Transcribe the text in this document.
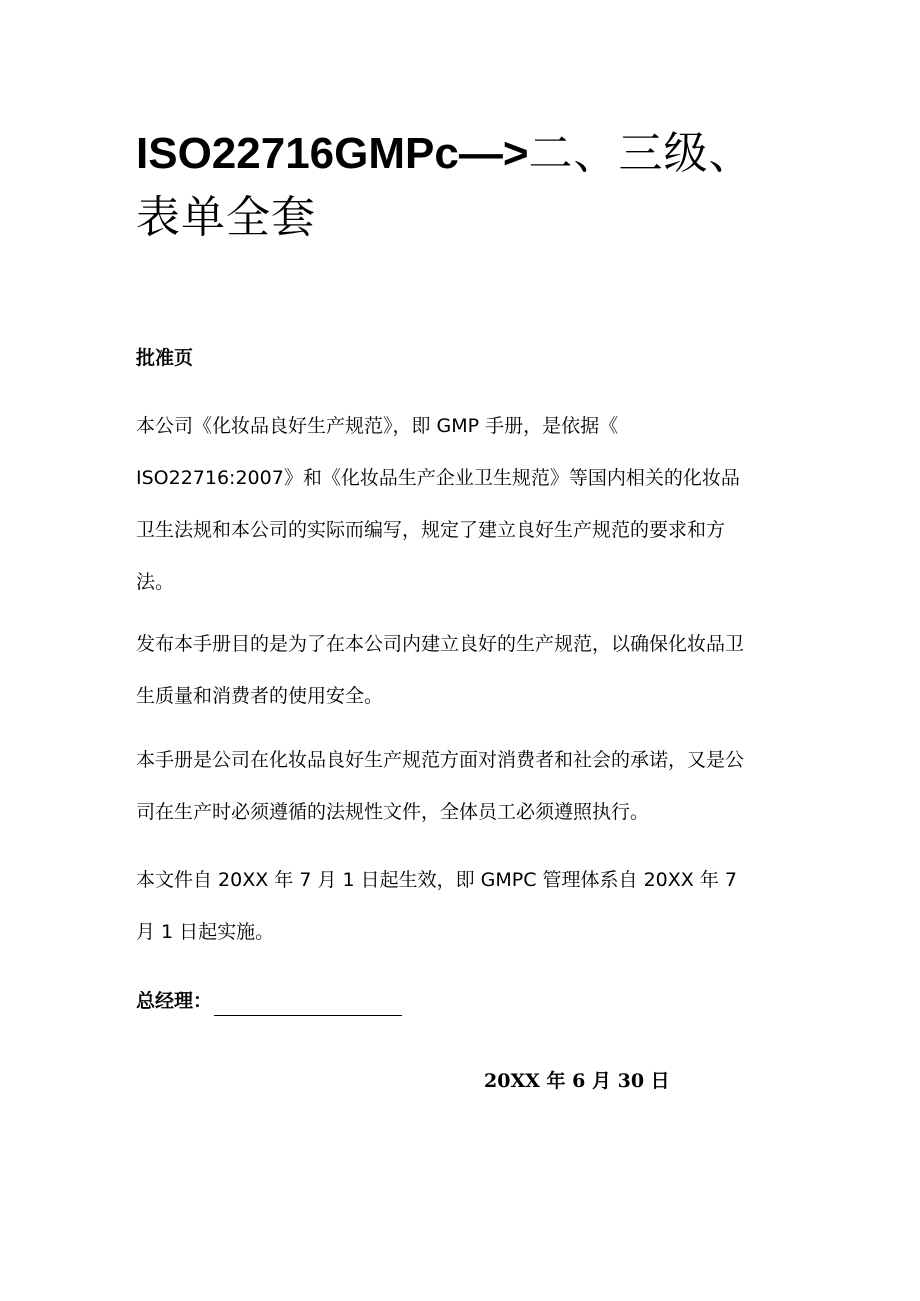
ISO22716GMPc—>二、三级、
表单全套
批准页

本公司《化妆品良好生产规范》，即 GMP 手册，是依据《
ISO22716:2007》和《化妆品生产企业卫生规范》等国内相关的化妆品
卫生法规和本公司的实际而编写，规定了建立良好生产规范的要求和方
法。

发布本手册目的是为了在本公司内建立良好的生产规范，以确保化妆品卫
生质量和消费者的使用安全。

本手册是公司在化妆品良好生产规范方面对消费者和社会的承诺，又是公
司在生产时必须遵循的法规性文件，全体员工必须遵照执行。

本文件自 20XX 年 7 月 1 日起生效，即 GMPC 管理体系自 20XX 年 7
月 1 日起实施。

总经理：
20XX 年 6 月 30 日
